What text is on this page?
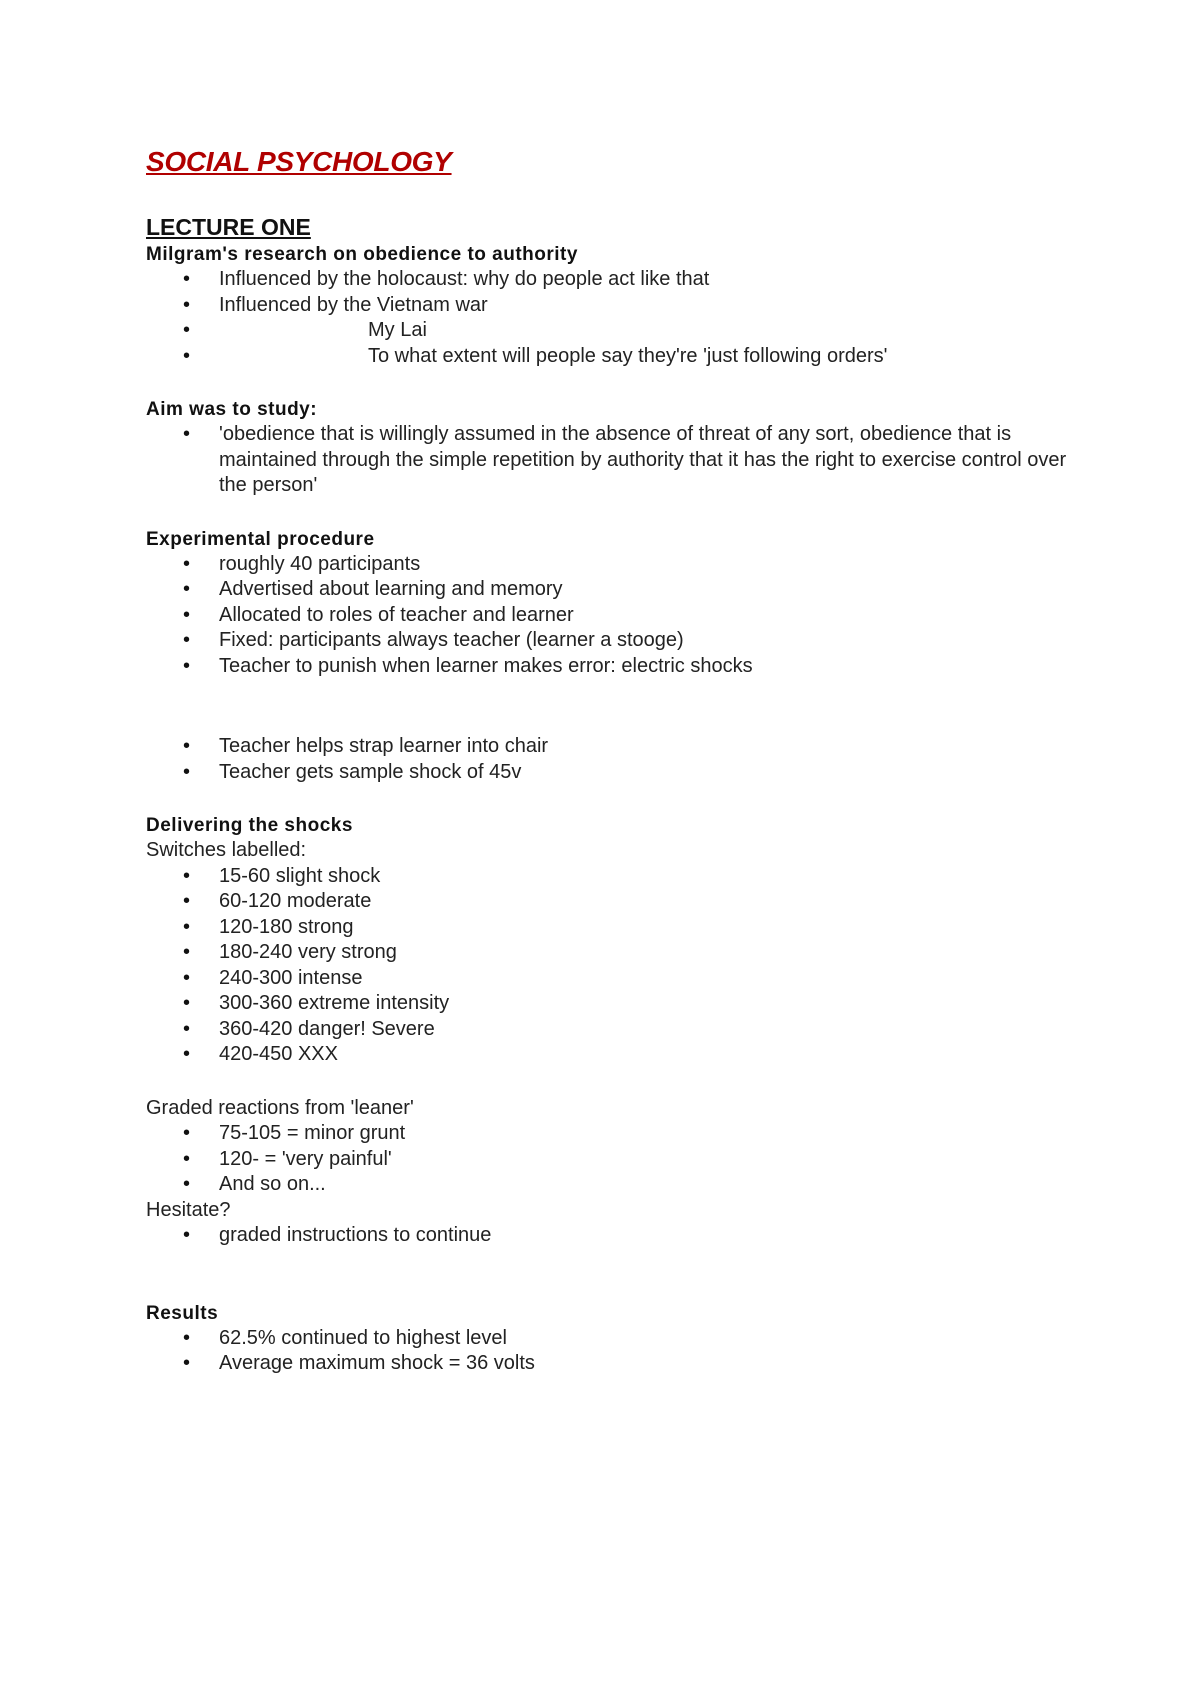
SOCIAL PSYCHOLOGY
LECTURE ONE

Milgram's research on obedience to authority

• Influenced by the holocaust: why do people act like that
• Influenced by the Vietnam war
• My Lai
• To what extent will people say they're 'just following orders'

Aim was to study:

• 'obedience that is willingly assumed in the absence of threat of any sort, obedience that is maintained through the simple repetition by authority that it has the right to exercise control over the person'

Experimental procedure

• roughly 40 participants
• Advertised about learning and memory
• Allocated to roles of teacher and learner
• Fixed: participants always teacher (learner a stooge)
• Teacher to punish when learner makes error: electric shocks
• Teacher helps strap learner into chair
• Teacher gets sample shock of 45v

Delivering the shocks

Switches labelled:

• 15-60 slight shock
• 60-120 moderate
• 120-180 strong
• 180-240 very strong
• 240-300 intense
• 300-360 extreme intensity
• 360-420 danger! Severe
• 420-450 XXX

Graded reactions from 'leaner'

• 75-105 = minor grunt
• 120- = 'very painful'
• And so on...

Hesitate?

• graded instructions to continue

Results

• 62.5% continued to highest level
• Average maximum shock = 36 volts
